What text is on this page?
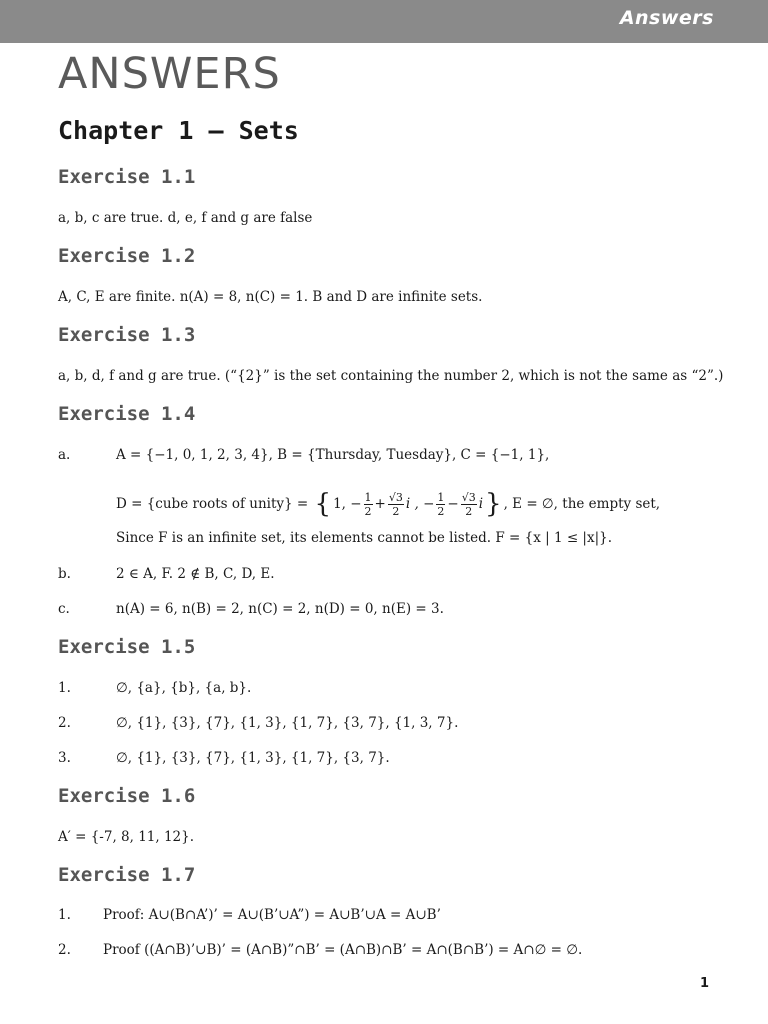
Answers
ANSWERS
Chapter 1 – Sets
Exercise 1.1

a, b, c are true. d, e, f and g are false

Exercise 1.2

A, C, E are finite. n(A) = 8, n(C) = 1. B and D are infinite sets.

Exercise 1.3

a, b, d, f and g are true. (“{2}” is the set containing the number 2, which is not the same as “2”.)

Exercise 1.4
a.	A = {−1, 0, 1, 2, 3, 4}, B = {Thursday, Tuesday}, C = {−1, 1},
D = {cube roots of unity} =
{ 1, − $\frac{1}{2} + \frac{√3}{2}$ i , − $\frac{1}{2} - \frac{√3}{2}$ i } , E = ∅, the empty set,
Since F is an infinite set, its elements cannot be listed. F = {x | 1 ≤ |x|}.
b.	2 ∈ A, F. 2 ∉ B, C, D, E.
c.	n(A) = 6, n(B) = 2, n(C) = 2, n(D) = 0, n(E) = 3.
Exercise 1.5
1.	∅, {a}, {b}, {a, b}.
2.	∅, {1}, {3}, {7}, {1, 3}, {1, 7}, {3, 7}, {1, 3, 7}.
3.	∅, {1}, {3}, {7}, {1, 3}, {1, 7}, {3, 7}.
Exercise 1.6

A′ = {-7, 8, 11, 12}.

Exercise 1.7
1. Proof: A∪(B∩A’)’ = A∪(B’∪A”) = A∪B’∪A = A∪B’
2. Proof ((A∩B)’∪B)’ = (A∩B)”∩B’ = (A∩B)∩B’ = A∩(B∩B’) = A∩∅ = ∅.
1
